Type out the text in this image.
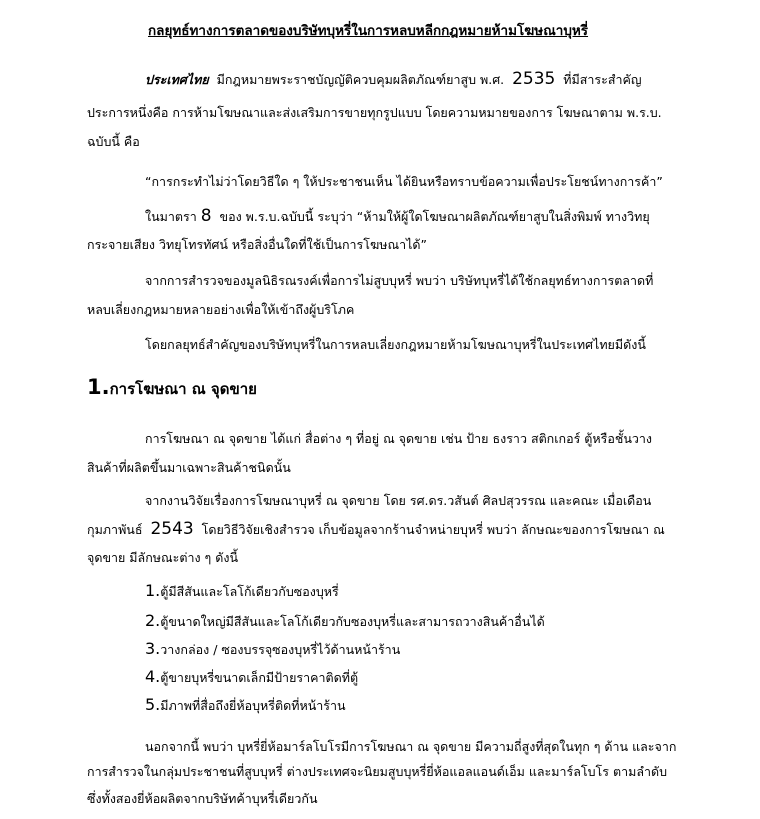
กลยุทธ์ทางการตลาดของบริษัทบุหรี่ในการหลบหลีกกฎหมายห้ามโฆษณาบุหรี่
ประเทศไทย มีกฎหมายพระราชบัญญัติควบคุมผลิตภัณฑ์ยาสูบ พ.ศ. 2535 ที่มีสาระสำคัญ
ประการหนึ่งคือ การห้ามโฆษณาและส่งเสริมการขายทุกรูปแบบ โดยความหมายของการ โฆษณาตาม พ.ร.บ.
ฉบับนี้ คือ
“การกระทำไม่ว่าโดยวิธีใด ๆ ให้ประชาชนเห็น ได้ยินหรือทราบข้อความเพื่อประโยชน์ทางการค้า”
ในมาตรา 8 ของ พ.ร.บ.ฉบับนี้ ระบุว่า “ห้ามให้ผู้ใดโฆษณาผลิตภัณฑ์ยาสูบในสิ่งพิมพ์ ทางวิทยุ
กระจายเสียง วิทยุโทรทัศน์ หรือสิ่งอื่นใดที่ใช้เป็นการโฆษณาได้”
จากการสำรวจของมูลนิธิรณรงค์เพื่อการไม่สูบบุหรี่ พบว่า บริษัทบุหรี่ได้ใช้กลยุทธ์ทางการตลาดที่
หลบเลี่ยงกฎหมายหลายอย่างเพื่อให้เข้าถึงผู้บริโภค
โดยกลยุทธ์สำคัญของบริษัทบุหรี่ในการหลบเลี่ยงกฎหมายห้ามโฆษณาบุหรี่ในประเทศไทยมีดังนี้
1.การโฆษณา ณ จุดขาย
การโฆษณา ณ จุดขาย ได้แก่ สื่อต่าง ๆ ที่อยู่ ณ จุดขาย เช่น ป้าย ธงราว สติกเกอร์ ตู้หรือชั้นวาง
สินค้าที่ผลิตขึ้นมาเฉพาะสินค้าชนิดนั้น
จากงานวิจัยเรื่องการโฆษณาบุหรี่ ณ จุดขาย โดย รศ.ดร.วสันต์ ศิลปสุวรรณ และคณะ เมื่อเดือน
กุมภาพันธ์ 2543 โดยวิธีวิจัยเชิงสำรวจ เก็บข้อมูลจากร้านจำหน่ายบุหรี่ พบว่า ลักษณะของการโฆษณา ณ
จุดขาย มีลักษณะต่าง ๆ ดังนี้
1.ตู้มีสีสันและโลโก้เดียวกับซองบุหรี่
2.ตู้ขนาดใหญ่มีสีสันและโลโก้เดียวกับซองบุหรี่และสามารถวางสินค้าอื่นได้
3.วางกล่อง / ซองบรรจุซองบุหรี่ไว้ด้านหน้าร้าน
4.ตู้ขายบุหรี่ขนาดเล็กมีป้ายราคาติดที่ตู้
5.มีภาพที่สื่อถึงยี่ห้อบุหรี่ติดที่หน้าร้าน
นอกจากนี้ พบว่า บุหรี่ยี่ห้อมาร์ลโบโรมีการโฆษณา ณ จุดขาย มีความถี่สูงที่สุดในทุก ๆ ด้าน และจาก
การสำรวจในกลุ่มประชาชนที่สูบบุหรี่ ต่างประเทศจะนิยมสูบบุหรี่ยี่ห้อแอลแอนด์เอ็ม และมาร์ลโบโร ตามลำดับ
ซึ่งทั้งสองยี่ห้อผลิตจากบริษัทค้าบุหรี่เดียวกัน
